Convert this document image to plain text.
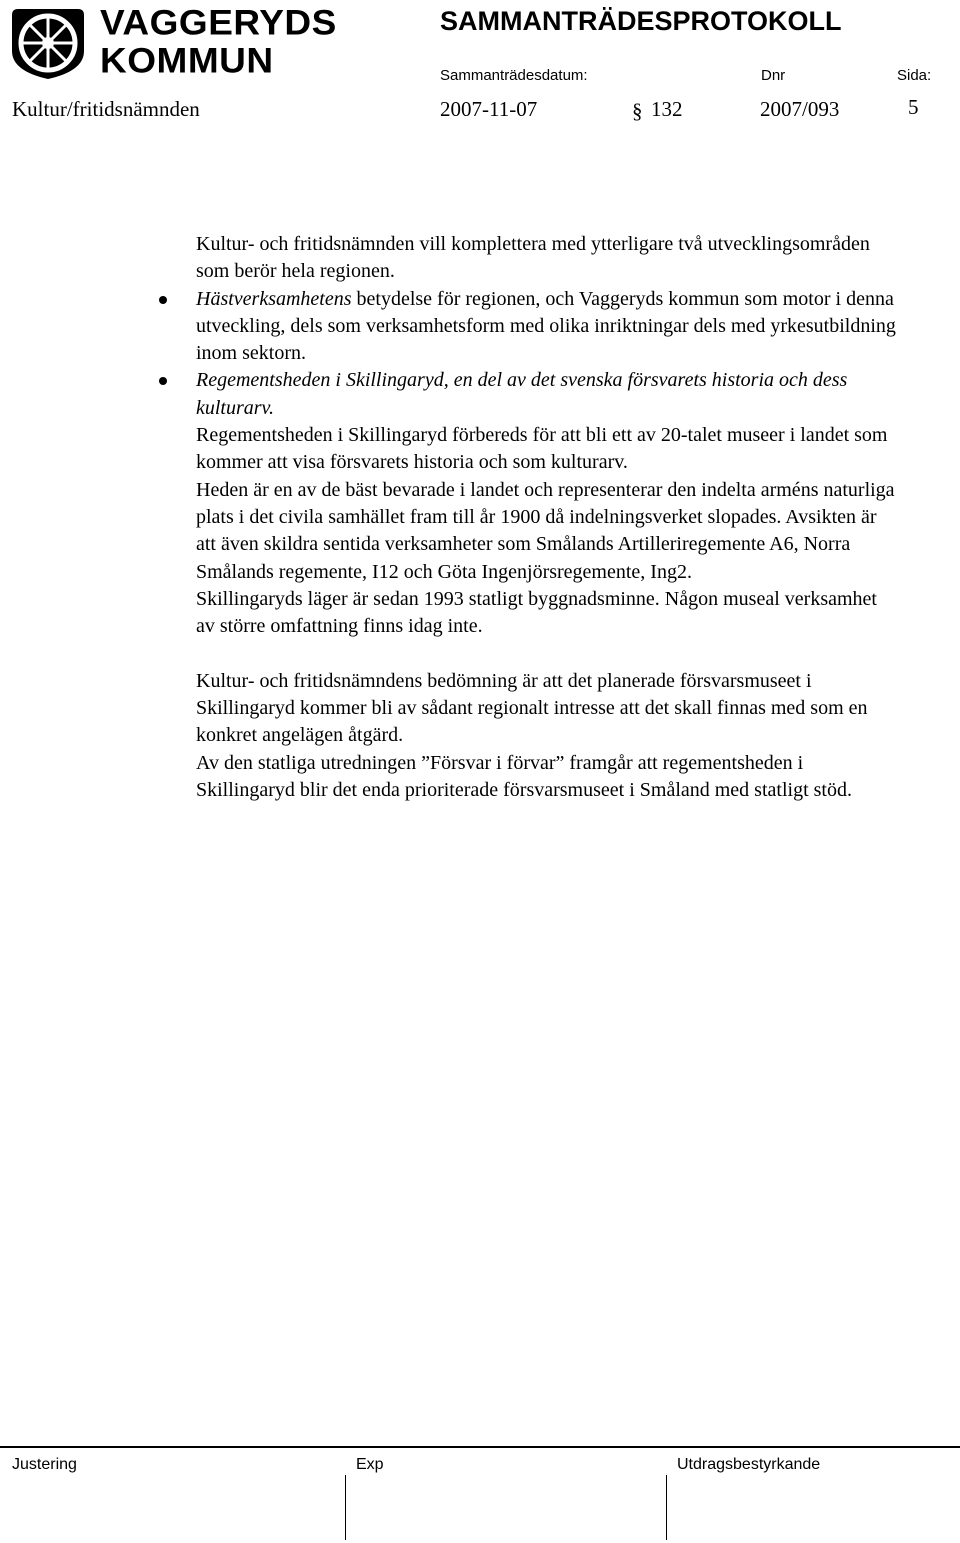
VAGGERYDS
KOMMUN
SAMMANTRÄDESPROTOKOLL
Sammanträdesdatum:	Dnr	Sida:
Kultur/fritidsnämnden	2007-11-07	§ 132	2007/093	5

Kultur- och fritidsnämnden vill komplettera med ytterligare två utvecklingsområden som berör hela regionen.

Hästverksamhetens betydelse för regionen, och Vaggeryds kommun som motor i denna utveckling, dels som verksamhetsform med olika inriktningar dels med yrkesutbildning inom sektorn.
Regementsheden i Skillingaryd, en del av det svenska försvarets historia och dess kulturarv.

Regementsheden i Skillingaryd förbereds för att bli ett av 20-talet museer i landet som kommer att visa försvarets historia och som kulturarv.

Heden är en av de bäst bevarade i landet och representerar den indelta arméns naturliga plats i det civila samhället fram till år 1900 då indelningsverket slopades. Avsikten är att även skildra sentida verksamheter som Smålands Artilleriregemente A6, Norra Smålands regemente, I12 och Göta Ingenjörsregemente, Ing2.

Skillingaryds läger är sedan 1993 statligt byggnadsminne. Någon museal verksamhet av större omfattning finns idag inte.

Kultur- och fritidsnämndens bedömning är att det planerade försvarsmuseet i Skillingaryd kommer bli av sådant regionalt intresse att det skall finnas med som en konkret angelägen åtgärd.

Av den statliga utredningen ”Försvar i förvar” framgår att regementsheden i Skillingaryd blir det enda prioriterade försvarsmuseet i Småland med statligt stöd.

Justering	Exp	Utdragsbestyrkande
